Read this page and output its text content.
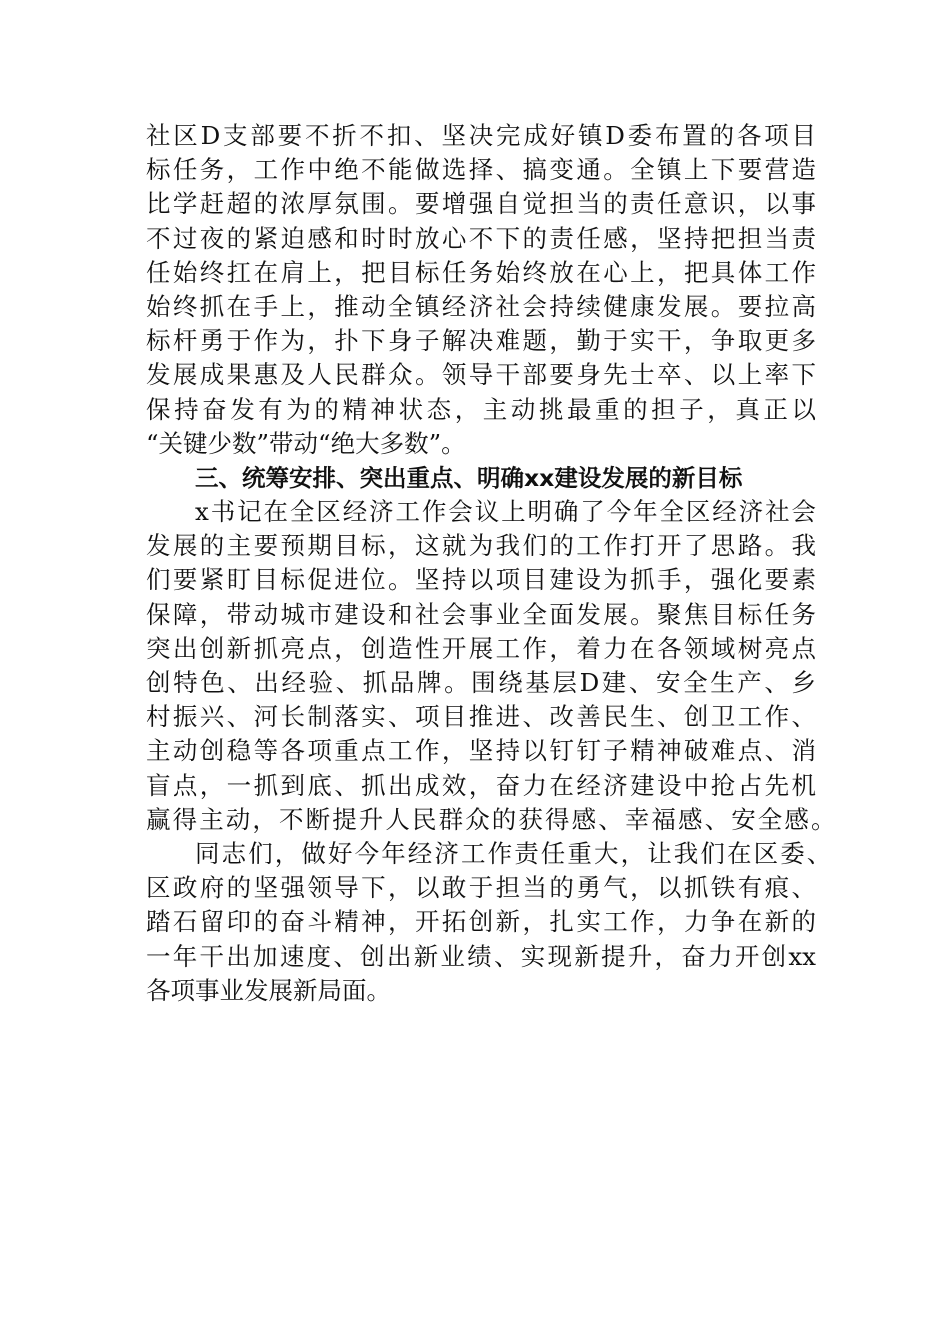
社区D支部要不折不扣、坚决完成好镇D委布置的各项目
标任务，工作中绝不能做选择、搞变通。全镇上下要营造
比学赶超的浓厚氛围。要增强自觉担当的责任意识，以事
不过夜的紧迫感和时时放心不下的责任感，坚持把担当责
任始终扛在肩上，把目标任务始终放在心上，把具体工作
始终抓在手上，推动全镇经济社会持续健康发展。要拉高
标杆勇于作为，扑下身子解决难题，勤于实干，争取更多
发展成果惠及人民群众。领导干部要身先士卒、以上率下
保持奋发有为的精神状态，主动挑最重的担子，真正以
“关键少数”带动“绝大多数”。
三、统筹安排、突出重点、明确xx建设发展的新目标
x书记在全区经济工作会议上明确了今年全区经济社会
发展的主要预期目标，这就为我们的工作打开了思路。我
们要紧盯目标促进位。坚持以项目建设为抓手，强化要素
保障，带动城市建设和社会事业全面发展。聚焦目标任务
突出创新抓亮点，创造性开展工作，着力在各领域树亮点
创特色、出经验、抓品牌。围绕基层D建、安全生产、乡
村振兴、河长制落实、项目推进、改善民生、创卫工作、
主动创稳等各项重点工作，坚持以钉钉子精神破难点、消
盲点，一抓到底、抓出成效，奋力在经济建设中抢占先机
赢得主动，不断提升人民群众的获得感、幸福感、安全感。
同志们，做好今年经济工作责任重大，让我们在区委、
区政府的坚强领导下，以敢于担当的勇气，以抓铁有痕、
踏石留印的奋斗精神，开拓创新，扎实工作，力争在新的
一年干出加速度、创出新业绩、实现新提升，奋力开创xx
各项事业发展新局面。
